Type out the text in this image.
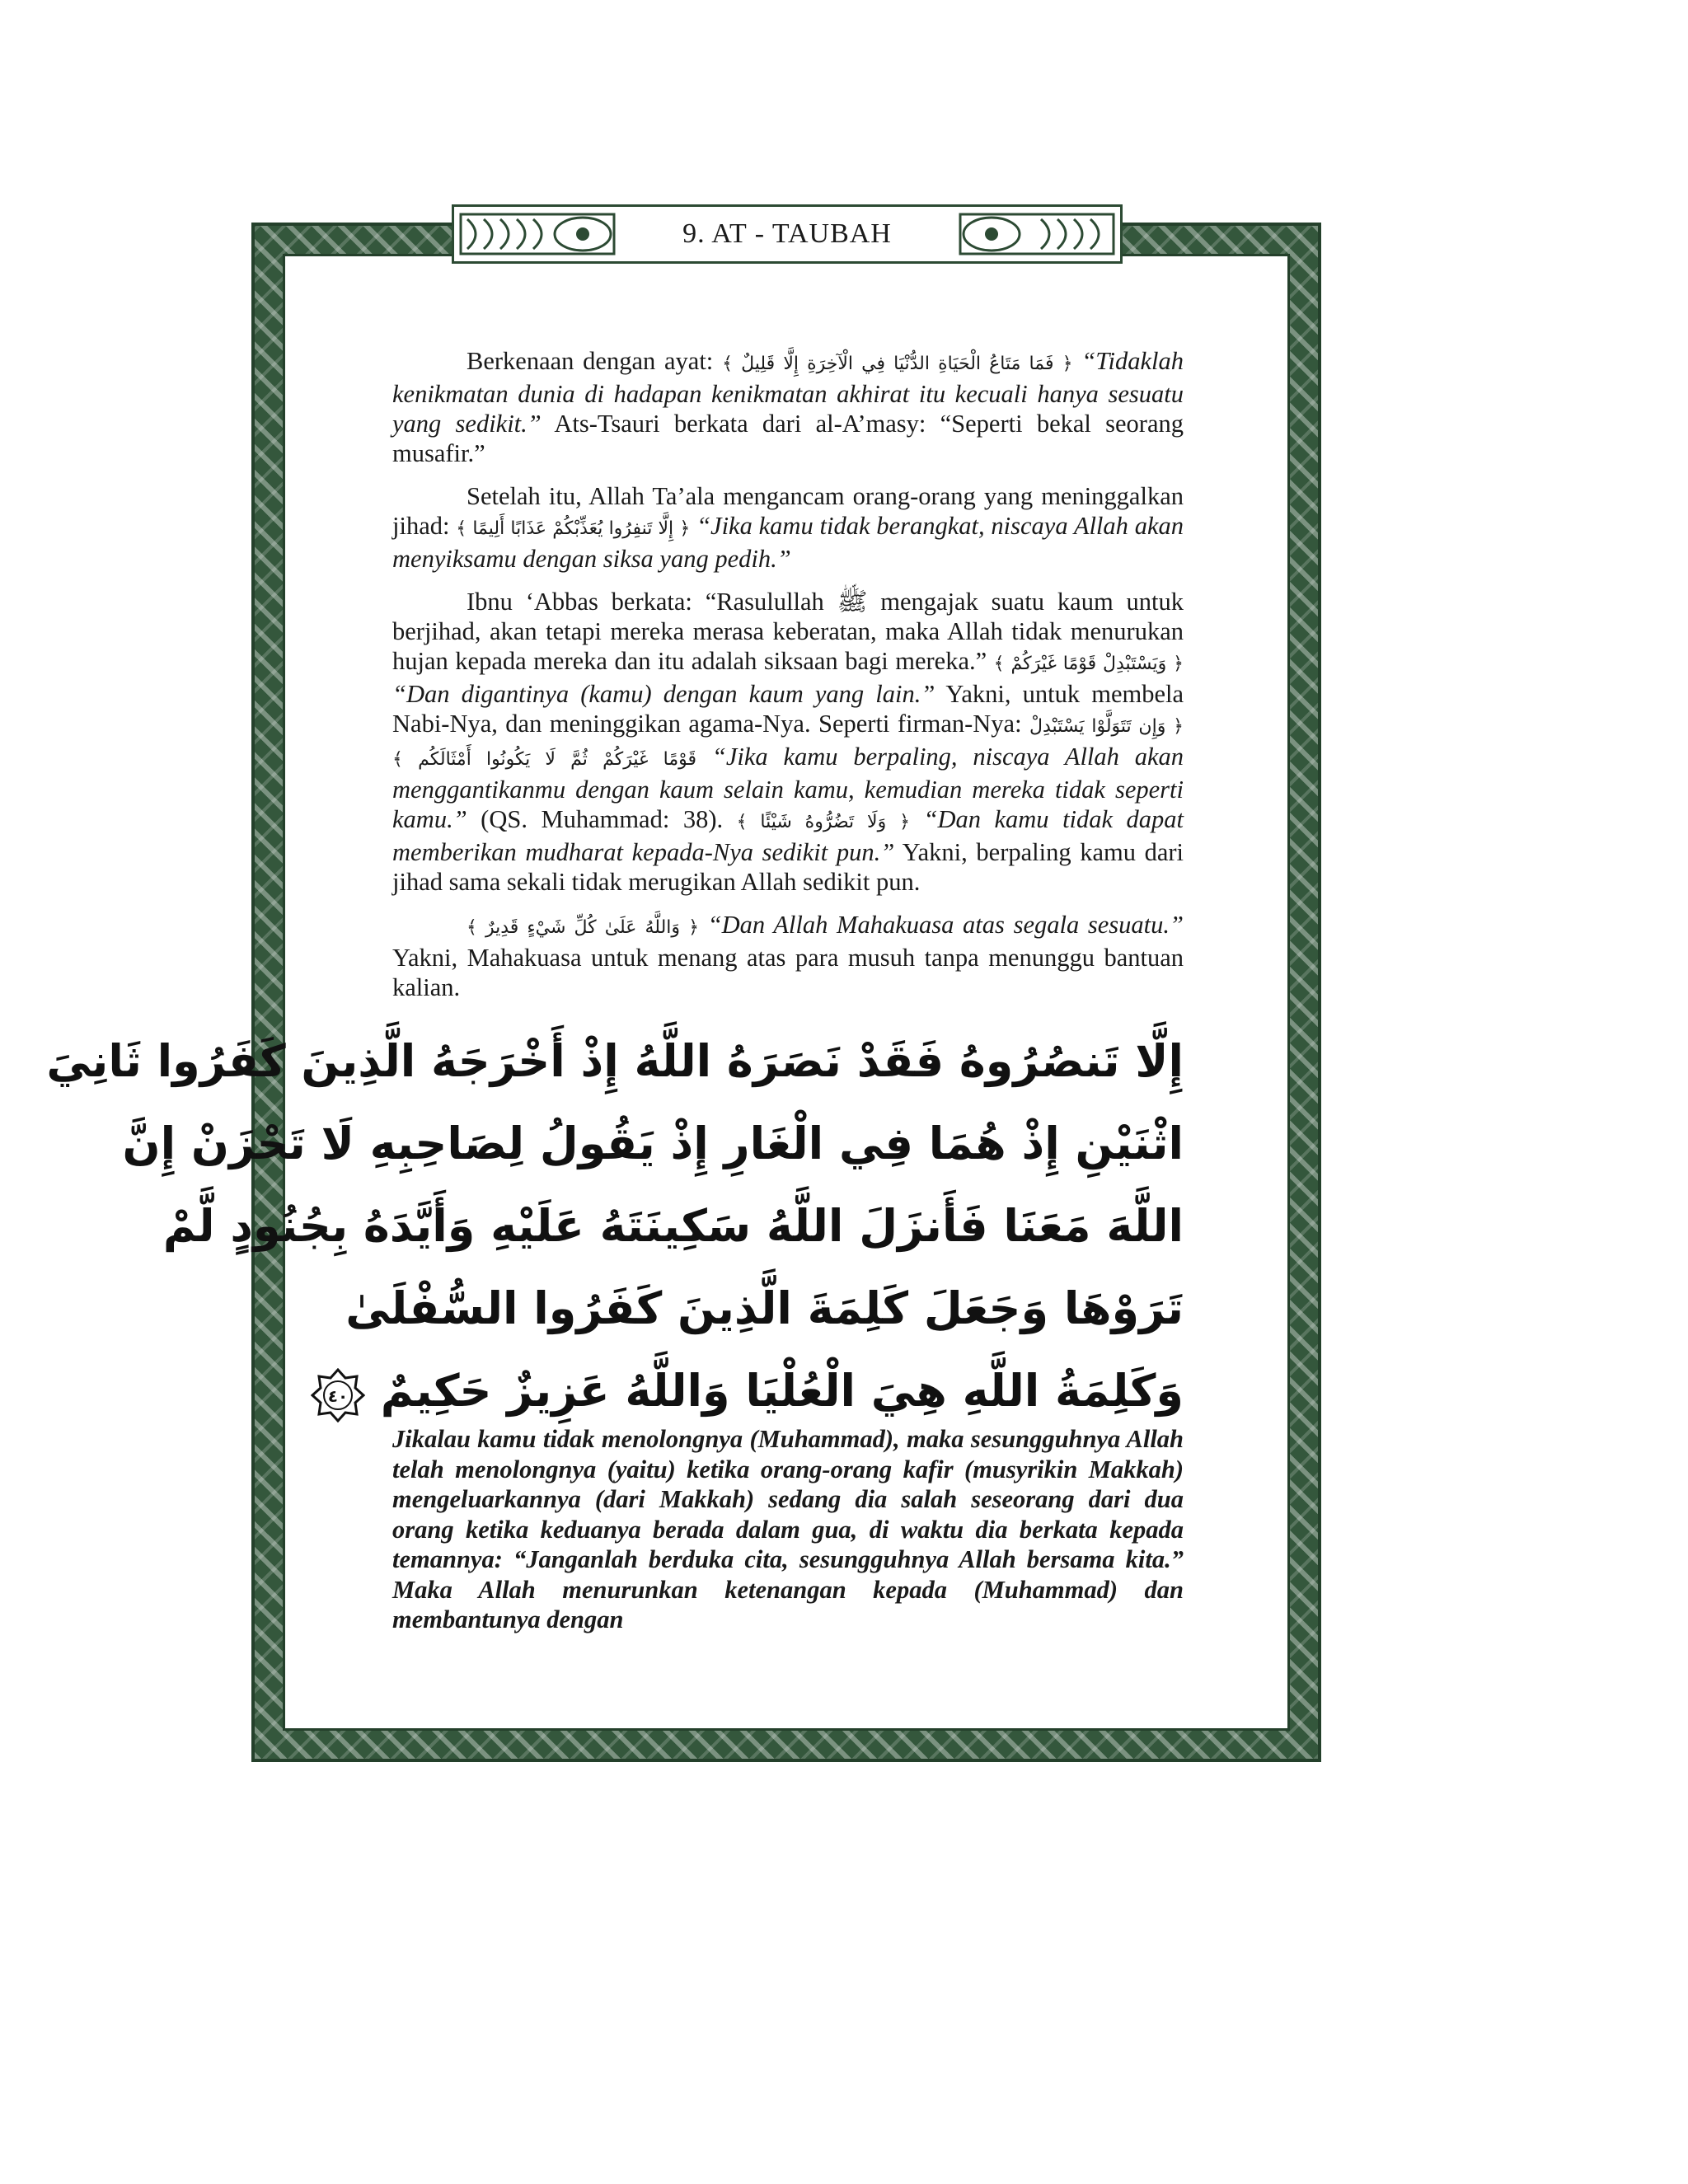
9. AT - TAUBAH

Berkenaan dengan ayat: ﴿ فَمَا مَتَاعُ الْحَيَاةِ الدُّنْيَا فِي الْآخِرَةِ إِلَّا قَلِيلٌ ﴾ “Tidaklah kenikmatan dunia di hadapan kenikmatan akhirat itu kecuali hanya sesuatu yang sedikit.” Ats-Tsauri berkata dari al-A’masy: “Seperti bekal seorang musafir.”

Setelah itu, Allah Ta’ala mengancam orang-orang yang meninggalkan jihad: ﴿ إِلَّا تَنفِرُوا يُعَذِّبْكُمْ عَذَابًا أَلِيمًا ﴾ “Jika kamu tidak berangkat, niscaya Allah akan menyiksamu dengan siksa yang pedih.”

Ibnu ‘Abbas berkata: “Rasulullah ﷺ mengajak suatu kaum untuk berjihad, akan tetapi mereka merasa keberatan, maka Allah tidak menurukan hujan kepada mereka dan itu adalah siksaan bagi mereka.” ﴿ وَيَسْتَبْدِلْ قَوْمًا غَيْرَكُمْ ﴾ “Dan digantinya (kamu) dengan kaum yang lain.” Yakni, untuk membela Nabi-Nya, dan meninggikan agama-Nya. Seperti firman-Nya: ﴿ وَإِن تَتَوَلَّوْا يَسْتَبْدِلْ قَوْمًا غَيْرَكُمْ ثُمَّ لَا يَكُونُوا أَمْثَالَكُم ﴾ “Jika kamu berpaling, niscaya Allah akan menggantikanmu dengan kaum selain kamu, kemudian mereka tidak seperti kamu.” (QS. Muhammad: 38). ﴿ وَلَا تَضُرُّوهُ شَيْئًا ﴾ “Dan kamu tidak dapat memberikan mudharat kepada-Nya sedikit pun.” Yakni, berpaling kamu dari jihad sama sekali tidak merugikan Allah sedikit pun.

﴿ وَاللَّهُ عَلَىٰ كُلِّ شَيْءٍ قَدِيرٌ ﴾ “Dan Allah Mahakuasa atas segala sesuatu.” Yakni, Mahakuasa untuk menang atas para musuh tanpa menunggu bantuan kalian.

إِلَّا تَنصُرُوهُ فَقَدْ نَصَرَهُ اللَّهُ إِذْ أَخْرَجَهُ الَّذِينَ كَفَرُوا ثَانِيَ
اثْنَيْنِ إِذْ هُمَا فِي الْغَارِ إِذْ يَقُولُ لِصَاحِبِهِ لَا تَحْزَنْ إِنَّ
اللَّهَ مَعَنَا فَأَنزَلَ اللَّهُ سَكِينَتَهُ عَلَيْهِ وَأَيَّدَهُ بِجُنُودٍ لَّمْ
تَرَوْهَا وَجَعَلَ كَلِمَةَ الَّذِينَ كَفَرُوا السُّفْلَىٰ
وَكَلِمَةُ اللَّهِ هِيَ الْعُلْيَا وَاللَّهُ عَزِيزٌ حَكِيمٌ
٤٠
Jikalau kamu tidak menolongnya (Muhammad), maka sesungguhnya Allah telah menolongnya (yaitu) ketika orang-orang kafir (musyrikin Makkah) mengeluarkannya (dari Makkah) sedang dia salah seseorang dari dua orang ketika keduanya berada dalam gua, di waktu dia berkata kepada temannya: “Janganlah berduka cita, sesungguhnya Allah bersama kita.” Maka Allah menurunkan ketenangan kepada (Muhammad) dan membantunya dengan
